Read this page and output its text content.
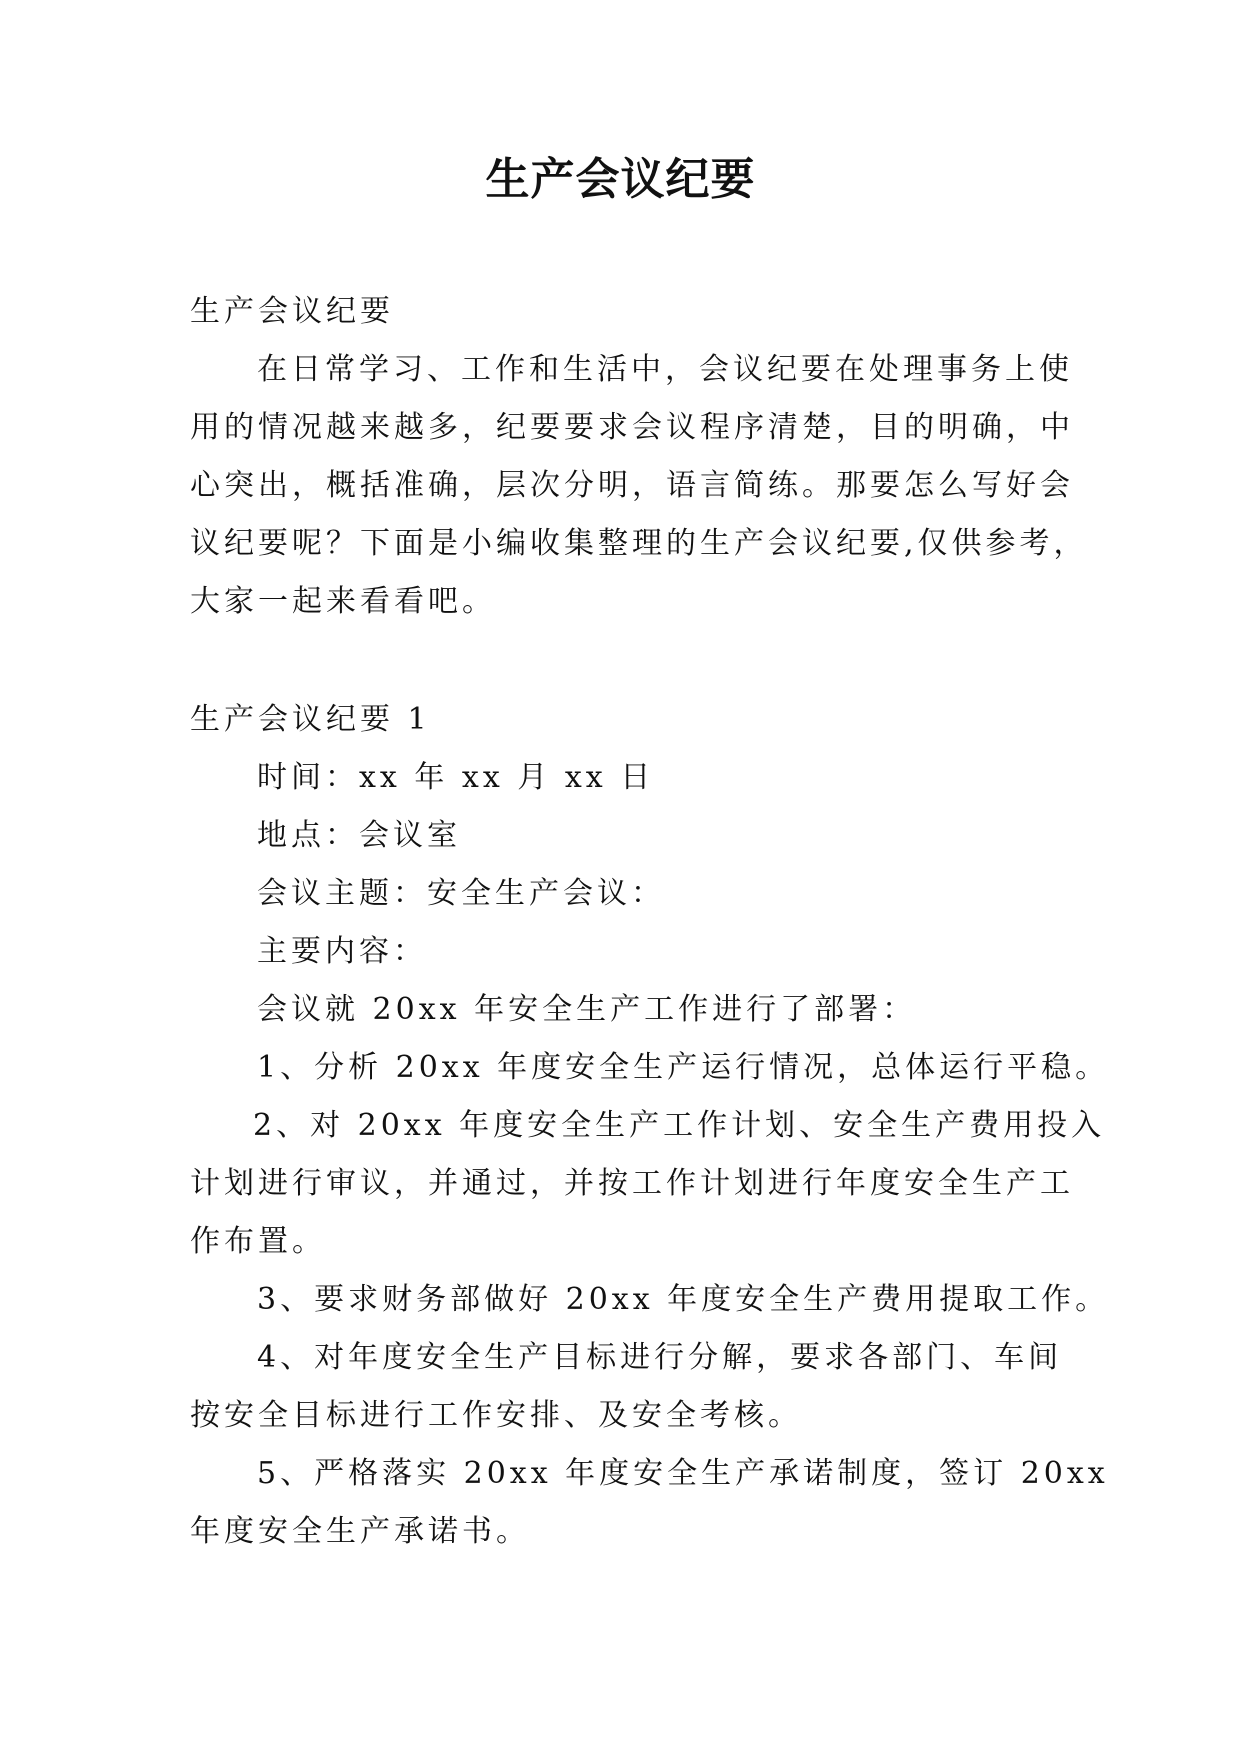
生产会议纪要
生产会议纪要
在日常学习、工作和生活中，会议纪要在处理事务上使
用的情况越来越多，纪要要求会议程序清楚，目的明确，中
心突出，概括准确，层次分明，语言简练。那要怎么写好会
议纪要呢？下面是小编收集整理的生产会议纪要,仅供参考，
大家一起来看看吧。
生产会议纪要 1
时间：xx 年 xx 月 xx 日
地点：会议室
会议主题：安全生产会议：
主要内容：
会议就 20xx 年安全生产工作进行了部署：
1、分析 20xx 年度安全生产运行情况，总体运行平稳。
2、对 20xx 年度安全生产工作计划、安全生产费用投入
计划进行审议，并通过，并按工作计划进行年度安全生产工
作布置。
3、要求财务部做好 20xx 年度安全生产费用提取工作。
4、对年度安全生产目标进行分解，要求各部门、车间
按安全目标进行工作安排、及安全考核。
5、严格落实 20xx 年度安全生产承诺制度，签订 20xx
年度安全生产承诺书。
